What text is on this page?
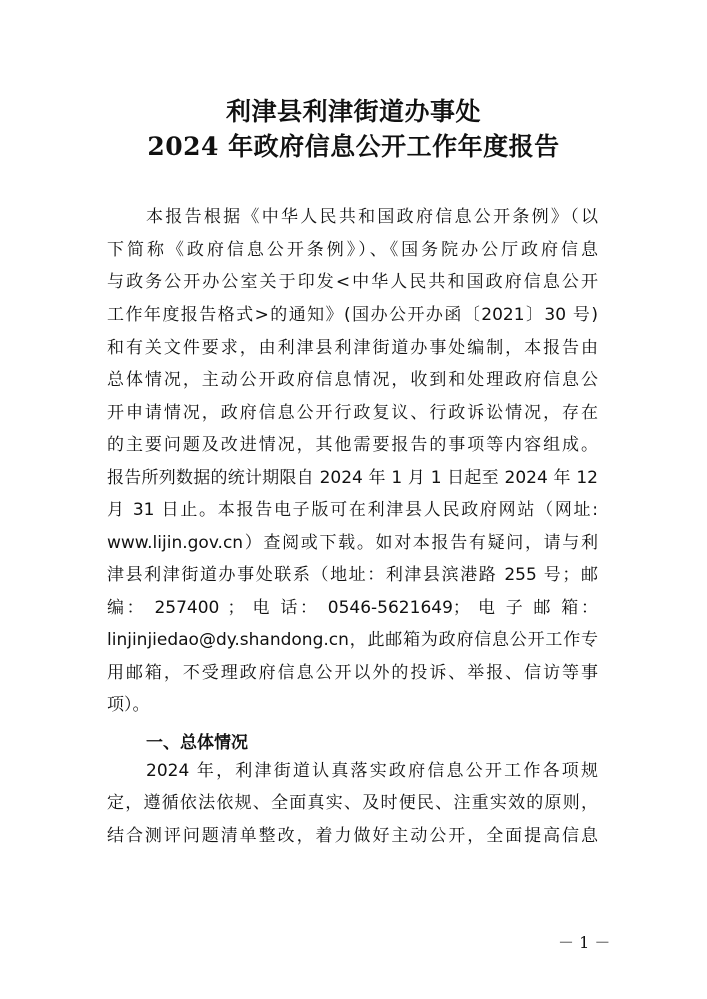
利津县利津街道办事处
2024 年政府信息公开工作年度报告
本报告根据《中华人民共和国政府信息公开条例》（以
下简称《政府信息公开条例》）、《国务院办公厅政府信息
与政务公开办公室关于印发<中华人民共和国政府信息公开
工作年度报告格式>的通知》(国办公开办函〔2021〕30 号)
和有关文件要求，由利津县利津街道办事处编制，本报告由
总体情况，主动公开政府信息情况，收到和处理政府信息公
开申请情况，政府信息公开行政复议、行政诉讼情况，存在
的主要问题及改进情况，其他需要报告的事项等内容组成。
报告所列数据的统计期限自 2024 年 1 月 1 日起至 2024 年 12
月 31 日止。本报告电子版可在利津县人民政府网站（网址:
www.lijin.gov.cn）查阅或下载。如对本报告有疑问，请与利
津县利津街道办事处联系（地址：利津县滨港路 255 号；邮
编： 257400 ； 电 话： 0546-5621649； 电 子 邮 箱：
linjinjiedao@dy.shandong.cn，此邮箱为政府信息公开工作专
用邮箱，不受理政府信息公开以外的投诉、举报、信访等事
项）。
一、总体情况
2024 年，利津街道认真落实政府信息公开工作各项规
定，遵循依法依规、全面真实、及时便民、注重实效的原则，
结合测评问题清单整改，着力做好主动公开，全面提高信息
－ 1 －
